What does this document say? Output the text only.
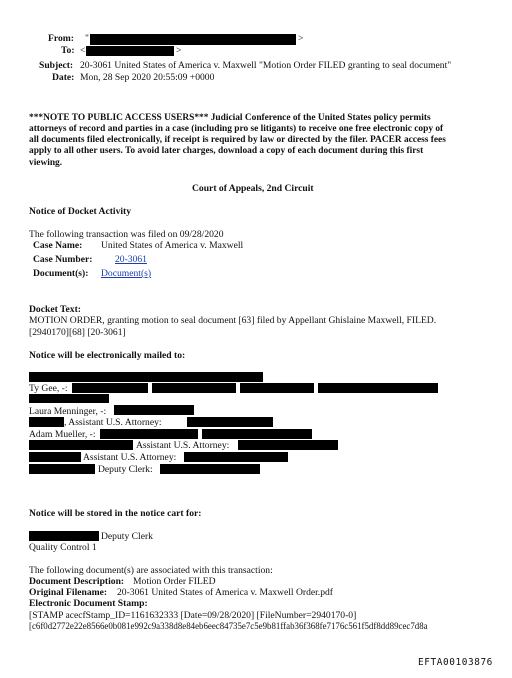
From: "	>
To: <	>
Subject: 20-3061 United States of America v. Maxwell "Motion Order FILED granting to seal document"
Date: Mon, 28 Sep 2020 20:55:09 +0000
***NOTE TO PUBLIC ACCESS USERS*** Judicial Conference of the United States policy permits
attorneys of record and parties in a case (including pro se litigants) to receive one free electronic copy of
all documents filed electronically, if receipt is required by law or directed by the filer. PACER access fees
apply to all other users. To avoid later charges, download a copy of each document during this first
viewing.
Court of Appeals, 2nd Circuit
Notice of Docket Activity
The following transaction was filed on 09/28/2020
Case Name: United States of America v. Maxwell
Case Number: 20-3061
Document(s): Document(s)
Docket Text:
MOTION ORDER, granting motion to seal document [63] filed by Appellant Ghislaine Maxwell, FILED.
[2940170][68] [20-3061]
Notice will be electronically mailed to:
Ty Gee, -:
Laura Menninger, -:
, Assistant U.S. Attorney:
Adam Mueller, -:
Assistant U.S. Attorney:
Assistant U.S. Attorney:
Deputy Clerk:
Notice will be stored in the notice cart for:
Deputy Clerk
Quality Control 1
The following document(s) are associated with this transaction:
Document Description: Motion Order FILED
Original Filename: 20-3061 United States of America v. Maxwell Order.pdf
Electronic Document Stamp:
[STAMP acecfStamp_ID=1161632333 [Date=09/28/2020] [FileNumber=2940170-0]
[c6f0d2772e22e8566e0b081e992c9a338d8e84eb6eec84735e7c5e9b81ffab36f368fe7176c561f5df8dd89cec7d8a
EFTA00103876
